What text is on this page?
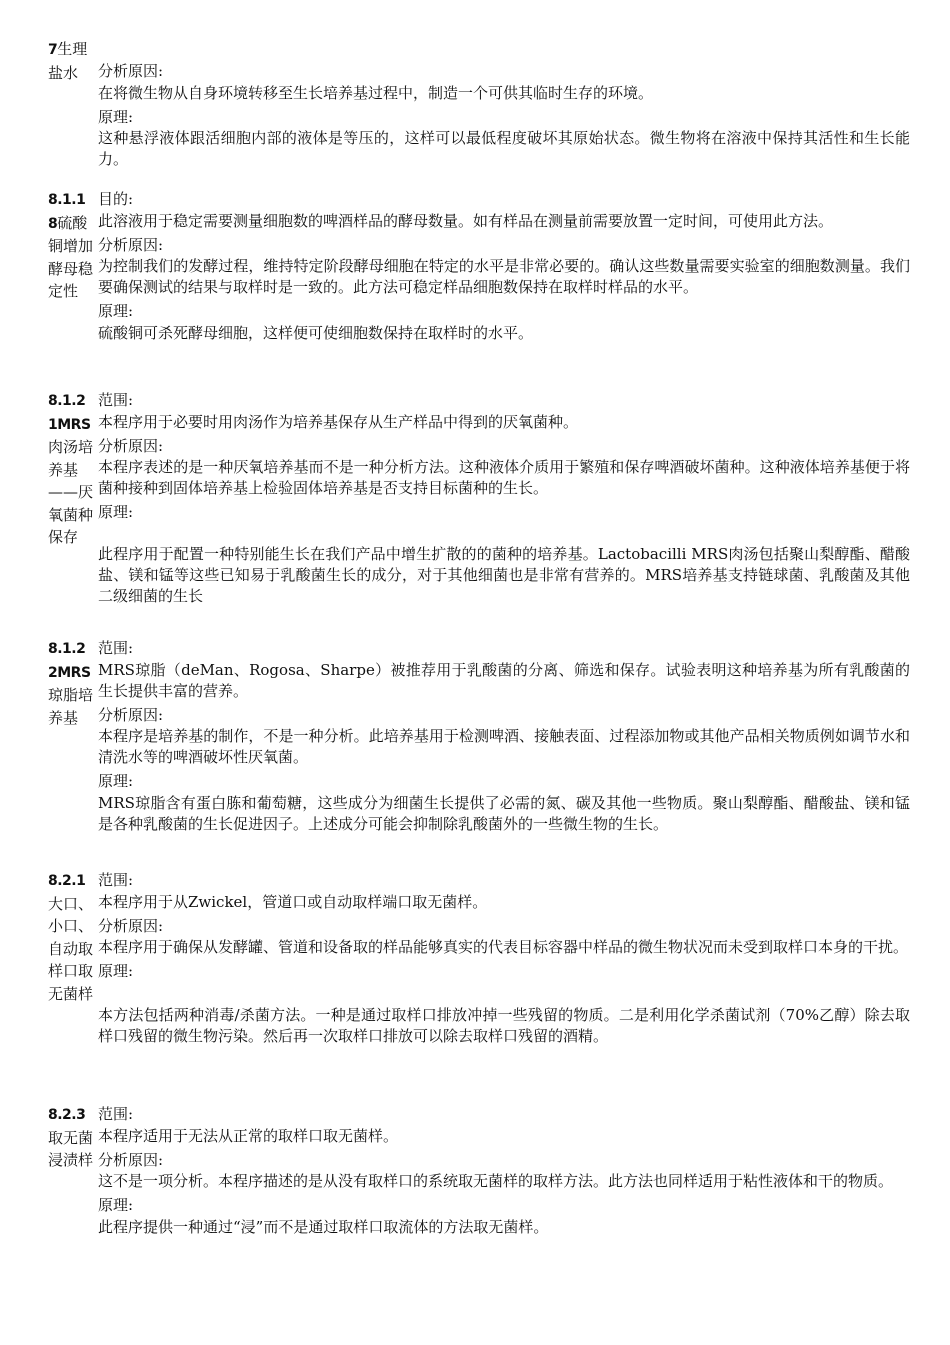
7生理盐水	分析原因:
在将微生物从自身环境转移至生长培养基过程中，制造一个可供其临时生存的环境。
原理:
这种悬浮液体跟活细胞内部的液体是等压的，这样可以最低程度破坏其原始状态。微生物将在溶液中保持其活性和生长能力。
8.1.1 8硫酸铜增加酵母稳定性
目的:
此溶液用于稳定需要测量细胞数的啤酒样品的酵母数量。如有样品在测量前需要放置一定时间，可使用此方法。
分析原因:
为控制我们的发酵过程，维持特定阶段酵母细胞在特定的水平是非常必要的。确认这些数量需要实验室的细胞数测量。我们要确保测试的结果与取样时是一致的。此方法可稳定样品细胞数保持在取样时样品的水平。
原理:
硫酸铜可杀死酵母细胞，这样便可使细胞数保持在取样时的水平。
8.1.2 1MRS肉汤培养基——厌氧菌种保存
范围:
本程序用于必要时用肉汤作为培养基保存从生产样品中得到的厌氧菌种。
分析原因:
本程序表述的是一种厌氧培养基而不是一种分析方法。这种液体介质用于繁殖和保存啤酒破坏菌种。这种液体培养基便于将菌种接种到固体培养基上检验固体培养基是否支持目标菌种的生长。
原理:
此程序用于配置一种特别能生长在我们产品中增生扩散的的菌种的培养基。Lactobacilli MRS肉汤包括聚山梨醇酯、醋酸盐、镁和锰等这些已知易于乳酸菌生长的成分，对于其他细菌也是非常有营养的。MRS培养基支持链球菌、乳酸菌及其他二级细菌的生长
8.1.2 2MRS琼脂培养基
范围:
MRS琼脂（deMan、Rogosa、Sharpe）被推荐用于乳酸菌的分离、筛选和保存。试验表明这种培养基为所有乳酸菌的生长提供丰富的营养。
分析原因:
本程序是培养基的制作，不是一种分析。此培养基用于检测啤酒、接触表面、过程添加物或其他产品相关物质例如调节水和清洗水等的啤酒破坏性厌氧菌。
原理:
MRS琼脂含有蛋白胨和葡萄糖，这些成分为细菌生长提供了必需的氮、碳及其他一些物质。聚山梨醇酯、醋酸盐、镁和锰是各种乳酸菌的生长促进因子。上述成分可能会抑制除乳酸菌外的一些微生物的生长。
8.2.1
大口、小口、自动取样口取无菌样
范围:
本程序用于从Zwickel，管道口或自动取样端口取无菌样。
分析原因:
本程序用于确保从发酵罐、管道和设备取的样品能够真实的代表目标容器中样品的微生物状况而未受到取样口本身的干扰。
原理:
本方法包括两种消毒/杀菌方法。一种是通过取样口排放冲掉一些残留的物质。二是利用化学杀菌试剂（70%乙醇）除去取样口残留的微生物污染。然后再一次取样口排放可以除去取样口残留的酒精。
8.2.3
取无菌浸渍样
范围:
本程序适用于无法从正常的取样口取无菌样。
分析原因:
这不是一项分析。本程序描述的是从没有取样口的系统取无菌样的取样方法。此方法也同样适用于粘性液体和干的物质。
原理:
此程序提供一种通过“浸”而不是通过取样口取流体的方法取无菌样。
